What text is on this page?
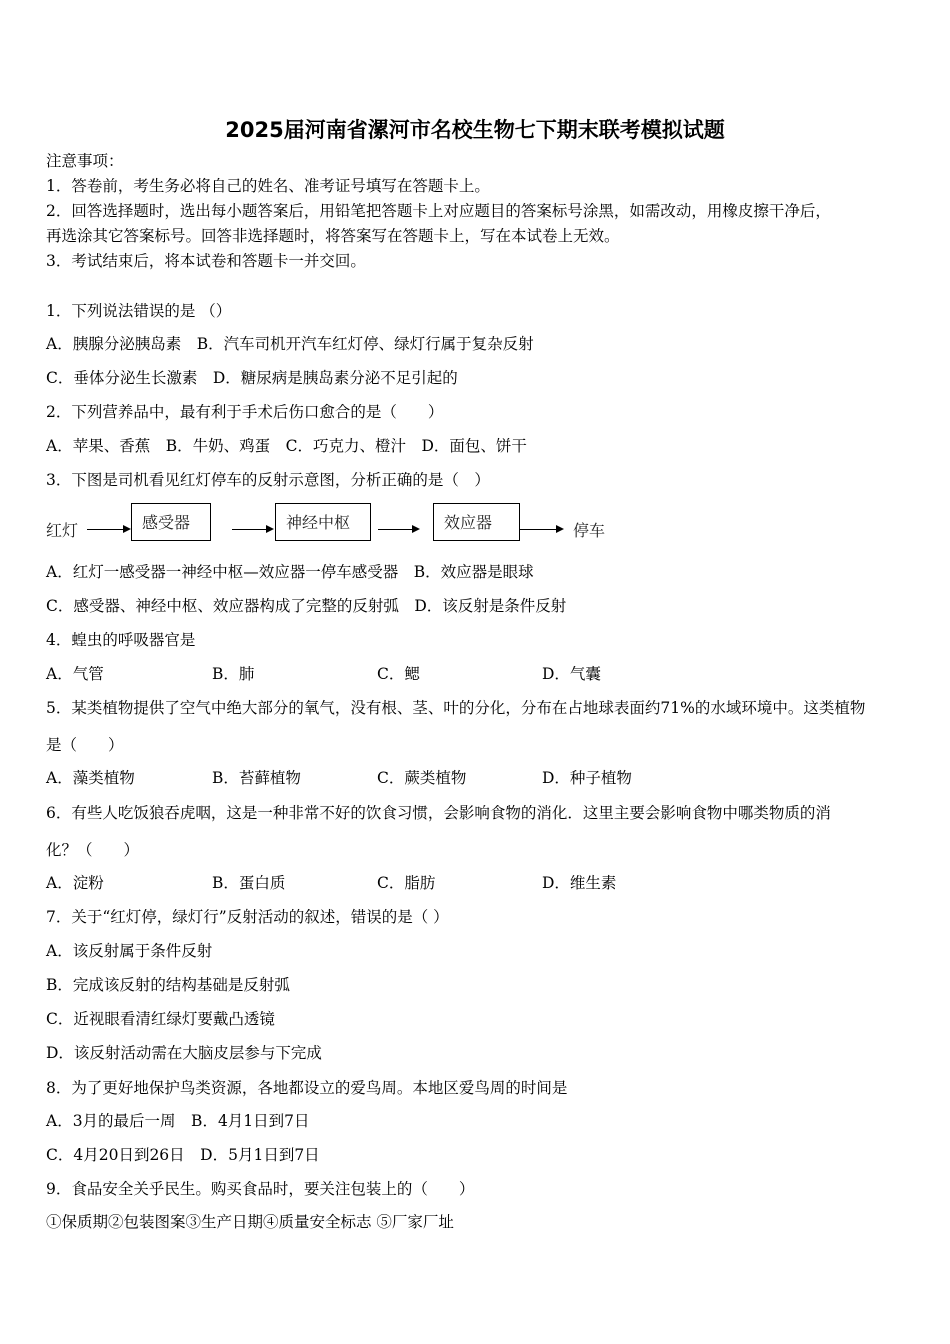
2025届河南省漯河市名校生物七下期末联考模拟试题
注意事项：
1．答卷前，考生务必将自己的姓名、准考证号填写在答题卡上。
2．回答选择题时，选出每小题答案后，用铅笔把答题卡上对应题目的答案标号涂黑，如需改动，用橡皮擦干净后，
再选涂其它答案标号。回答非选择题时，将答案写在答题卡上，写在本试卷上无效。
3．考试结束后，将本试卷和答题卡一并交回。
1．下列说法错误的是 （）
A．胰腺分泌胰岛素　B．汽车司机开汽车红灯停、绿灯行属于复杂反射
C．垂体分泌生长激素　D．糖尿病是胰岛素分泌不足引起的
2．下列营养品中，最有利于手术后伤口愈合的是（　　）
A．苹果、香蕉　B．牛奶、鸡蛋　C．巧克力、橙汁　D．面包、饼干
3．下图是司机看见红灯停车的反射示意图，分析正确的是（　）
红灯	感受器	神经中枢	效应器	停车
A．红灯一感受器一神经中枢—效应器一停车感受器　B．效应器是眼球
C．感受器、神经中枢、效应器构成了完整的反射弧　D．该反射是条件反射
4．蝗虫的呼吸器官是
A．气管	B．肺	C．鳃	D．气囊
5．某类植物提供了空气中绝大部分的氧气，没有根、茎、叶的分化，分布在占地球表面约71%的水域环境中。这类植物
是（　　）
A．藻类植物	B．苔藓植物	C．蕨类植物	D．种子植物
6．有些人吃饭狼吞虎咽，这是一种非常不好的饮食习惯，会影响食物的消化．这里主要会影响食物中哪类物质的消
化？（　　）
A．淀粉	B．蛋白质	C．脂肪	D．维生素
7．关于“红灯停，绿灯行”反射活动的叙述，错误的是（ ）
A．该反射属于条件反射
B．完成该反射的结构基础是反射弧
C．近视眼看清红绿灯要戴凸透镜
D．该反射活动需在大脑皮层参与下完成
8．为了更好地保护鸟类资源，各地都设立的爱鸟周。本地区爱鸟周的时间是
A．3月的最后一周　B．4月1日到7日
C．4月20日到26日　D．5月1日到7日
9．食品安全关乎民生。购买食品时，要关注包装上的（　　）
①保质期②包装图案③生产日期④质量安全标志 ⑤厂家厂址
